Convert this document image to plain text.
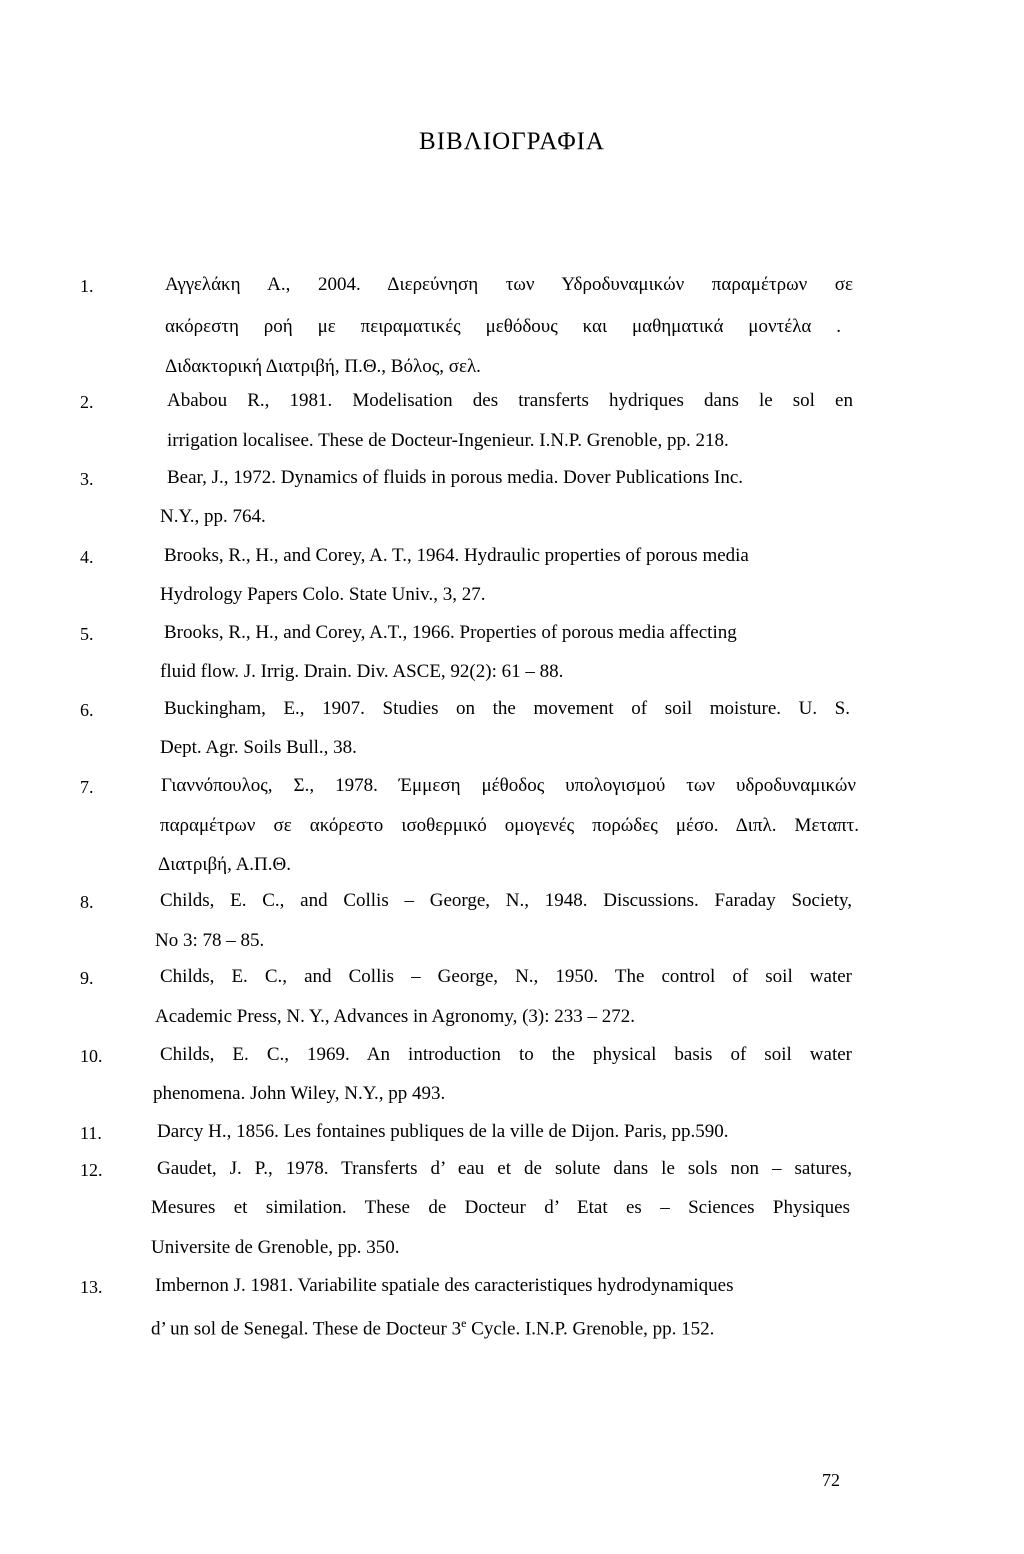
ΒΙΒΛΙΟΓΡΑΦΙΑ
1.	Αγγελάκη Α., 2004. Διερεύνηση των Υδροδυναμικών παραμέτρων σε
ακόρεστη ροή με πειραματικές μεθόδους και μαθηματικά μοντέλα .
Διδακτορική Διατριβή, Π.Θ., Βόλος, σελ.
2.	Ababou R., 1981. Modelisation des transferts hydriques dans le sol en
irrigation localisee. These de Docteur-Ingenieur. I.N.P. Grenoble, pp. 218.
3.	Bear, J., 1972. Dynamics of fluids in porous media. Dover Publications Inc.
N.Y., pp. 764.
4.	Brooks, R., H., and Corey, A. T., 1964. Hydraulic properties of porous media
Hydrology Papers Colo. State Univ., 3, 27.
5.	Brooks, R., H., and Corey, A.T., 1966. Properties of porous media affecting
fluid flow. J. Irrig. Drain. Div. ASCE, 92(2): 61 – 88.
6.	Buckingham, E., 1907. Studies on the movement of soil moisture. U. S.
Dept. Agr. Soils Bull., 38.
7.	Γιαννόπουλος, Σ., 1978. Έμμεση μέθοδος υπολογισμού των υδροδυναμικών
παραμέτρων σε ακόρεστο ισοθερμικό ομογενές πορώδες μέσο. Διπλ. Μεταπτ.
Διατριβή, Α.Π.Θ.
8.	Childs, E. C., and Collis – George, N., 1948. Discussions. Faraday Society,
No 3: 78 – 85.
9.	Childs, E. C., and Collis – George, N., 1950. The control of soil water
Academic Press, N. Y., Advances in Agronomy, (3): 233 – 272.
10.	Childs, E. C., 1969. An introduction to the physical basis of soil water
phenomena. John Wiley, N.Y., pp 493.
11.	Darcy H., 1856. Les fontaines publiques de la ville de Dijon. Paris, pp.590.
12.	Gaudet, J. P., 1978. Transferts d’ eau et de solute dans le sols non – satures,
Mesures et similation. These de Docteur d’ Etat es – Sciences Physiques
Universite de Grenoble, pp. 350.
13.	Imbernon J. 1981. Variabilite spatiale des caracteristiques hydrodynamiques
d’ un sol de Senegal. These de Docteur 3e Cycle. I.N.P. Grenoble, pp. 152.
72
